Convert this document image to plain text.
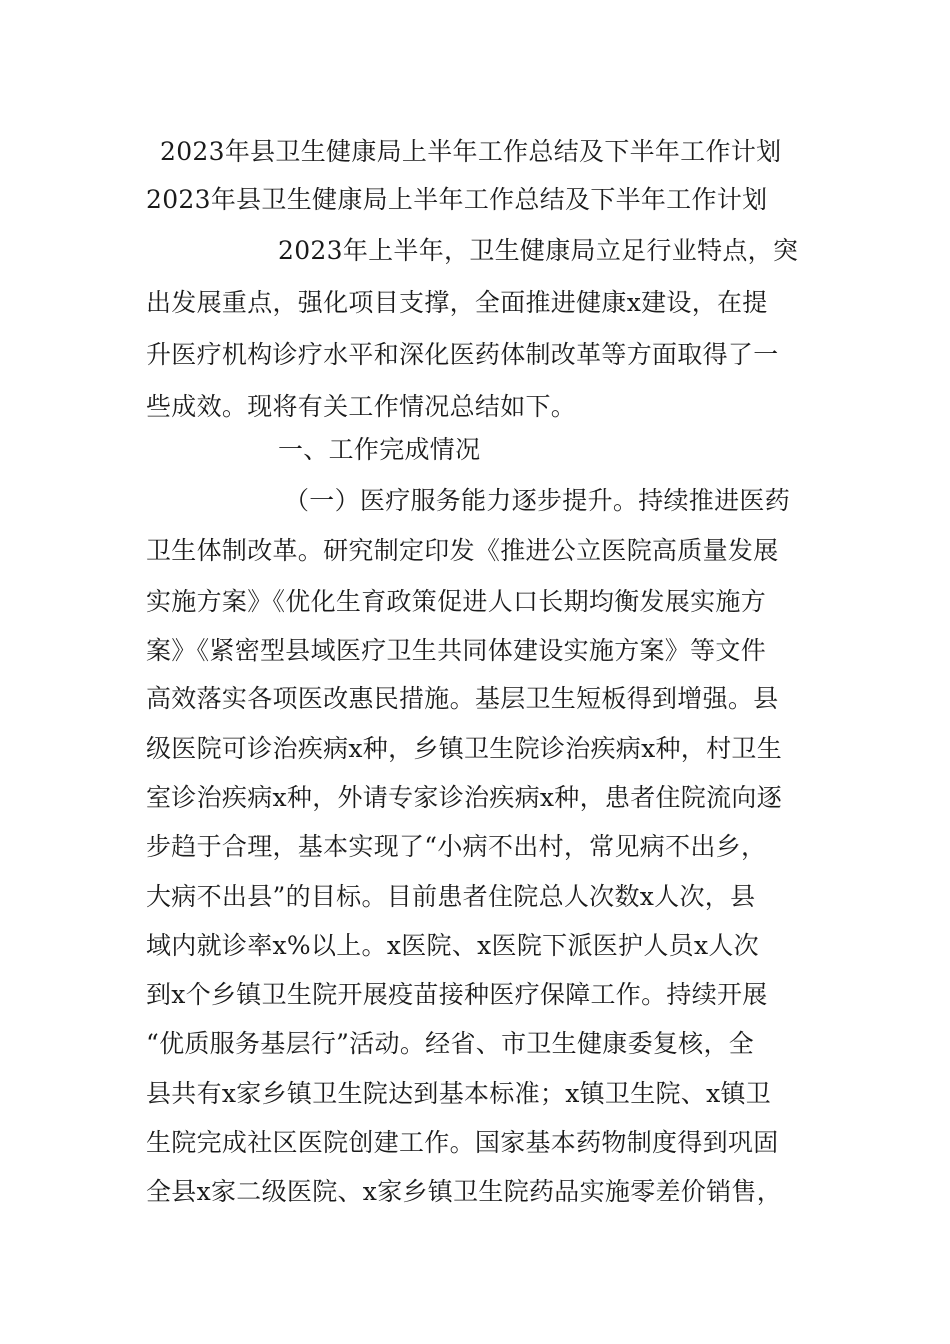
2023年县卫生健康局上半年工作总结及下半年工作计划
2023年县卫生健康局上半年工作总结及下半年工作计划
2023年上半年，卫生健康局立足行业特点，突
出发展重点，强化项目支撑，全面推进健康x建设，在提
升医疗机构诊疗水平和深化医药体制改革等方面取得了一
些成效。现将有关工作情况总结如下。
一、工作完成情况
（一）医疗服务能力逐步提升。持续推进医药
卫生体制改革。研究制定印发《推进公立医院高质量发展
实施方案》《优化生育政策促进人口长期均衡发展实施方
案》《紧密型县域医疗卫生共同体建设实施方案》等文件
高效落实各项医改惠民措施。基层卫生短板得到增强。县
级医院可诊治疾病x种，乡镇卫生院诊治疾病x种，村卫生
室诊治疾病x种，外请专家诊治疾病x种，患者住院流向逐
步趋于合理，基本实现了“小病不出村，常见病不出乡，
大病不出县”的目标。目前患者住院总人次数x人次，县
域内就诊率x%以上。x医院、x医院下派医护人员x人次
到x个乡镇卫生院开展疫苗接种医疗保障工作。持续开展
“优质服务基层行”活动。经省、市卫生健康委复核，全
县共有x家乡镇卫生院达到基本标准；x镇卫生院、x镇卫
生院完成社区医院创建工作。国家基本药物制度得到巩固
全县x家二级医院、x家乡镇卫生院药品实施零差价销售，
